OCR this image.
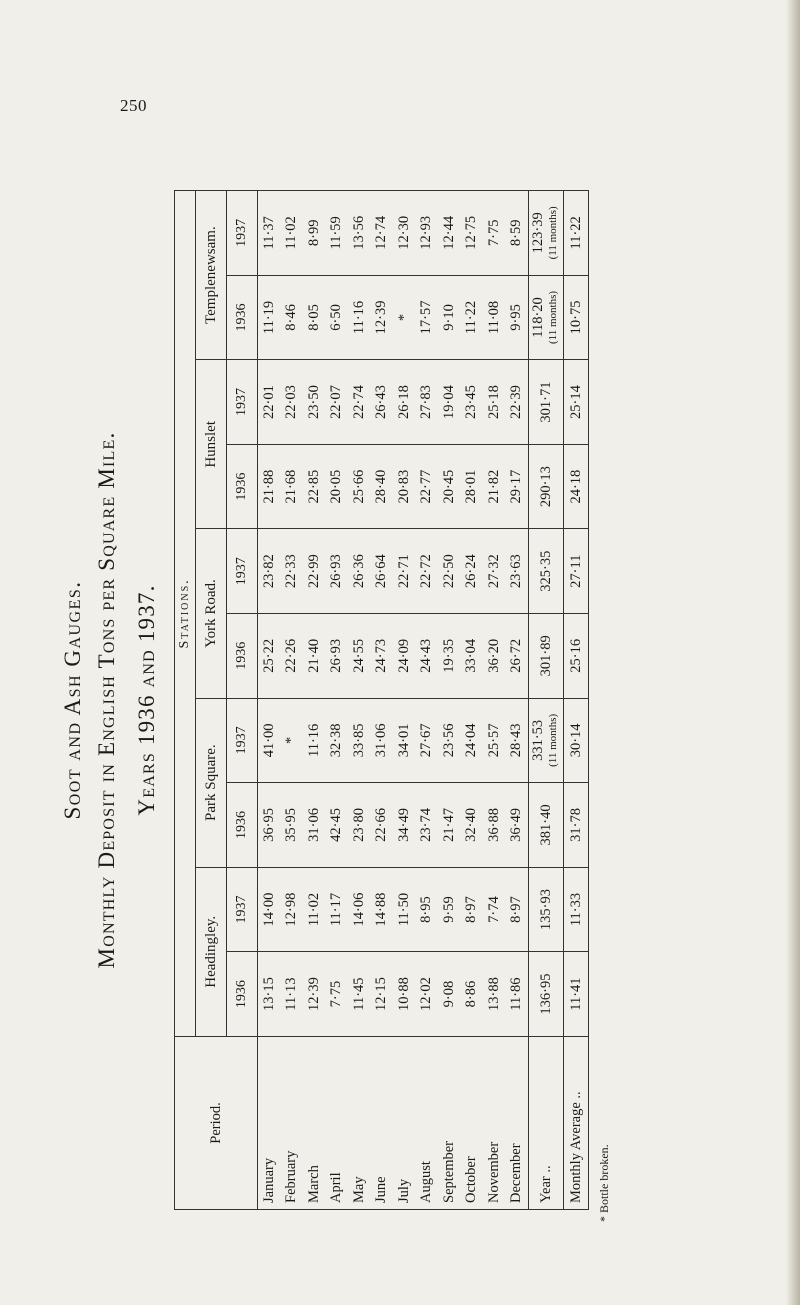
250
Soot and Ash Gauges. Monthly Deposit in English Tons per Square Mile. Years 1936 and 1937.
Period.	Stations.									
	Headingley.		Park Square.		York Road.		Hunslet		Templenewsam.	
	1936	1937	1936	1937	1936	1937	1936	1937	1936	1937
January	13·15	14·00	36·95	41·00	25·22	23·82	21·88	22·01	11·19	11·37
February	11·13	12·98	35·95	*	22·26	22·33	21·68	22·03	8·46	11·02
March	12·39	11·02	31·06	11·16	21·40	22·99	22·85	23·50	8·05	8·99
April	7·75	11·17	42·45	32·38	26·93	26·93	20·05	22·07	6·50	11·59
May	11·45	14·06	23·80	33·85	24·55	26·36	25·66	22·74	11·16	13·56
June	12·15	14·88	22·66	31·06	24·73	26·64	28·40	26·43	12·39	12·74
July	10·88	11·50	34·49	34·01	24·09	22·71	20·83	26·18	*	12·30
August	12·02	8·95	23·74	27·67	24·43	22·72	22·77	27·83	17·57	12·93
September	9·08	9·59	21·47	23·56	19·35	22·50	20·45	19·04	9·10	12·44
October	8·86	8·97	32·40	24·04	33·04	26·24	28·01	23·45	11·22	12·75
November	13·88	7·74	36·88	25·57	36·20	27·32	21·82	25·18	11·08	7·75
December	11·86	8·97	36·49	28·43	26·72	23·63	29·17	22·39	9·95	8·59
Year ..	136·95	135·93	381·40	331·53 (11 months)	301·89	325·35	290·13	301·71	118·20 (11 months)	123·39 (11 months)

Monthly Average ..	11·41	11·33	31·78	30·14	25·16	27·11	24·18	25·14	10·75	11·22
* Bottle broken.
